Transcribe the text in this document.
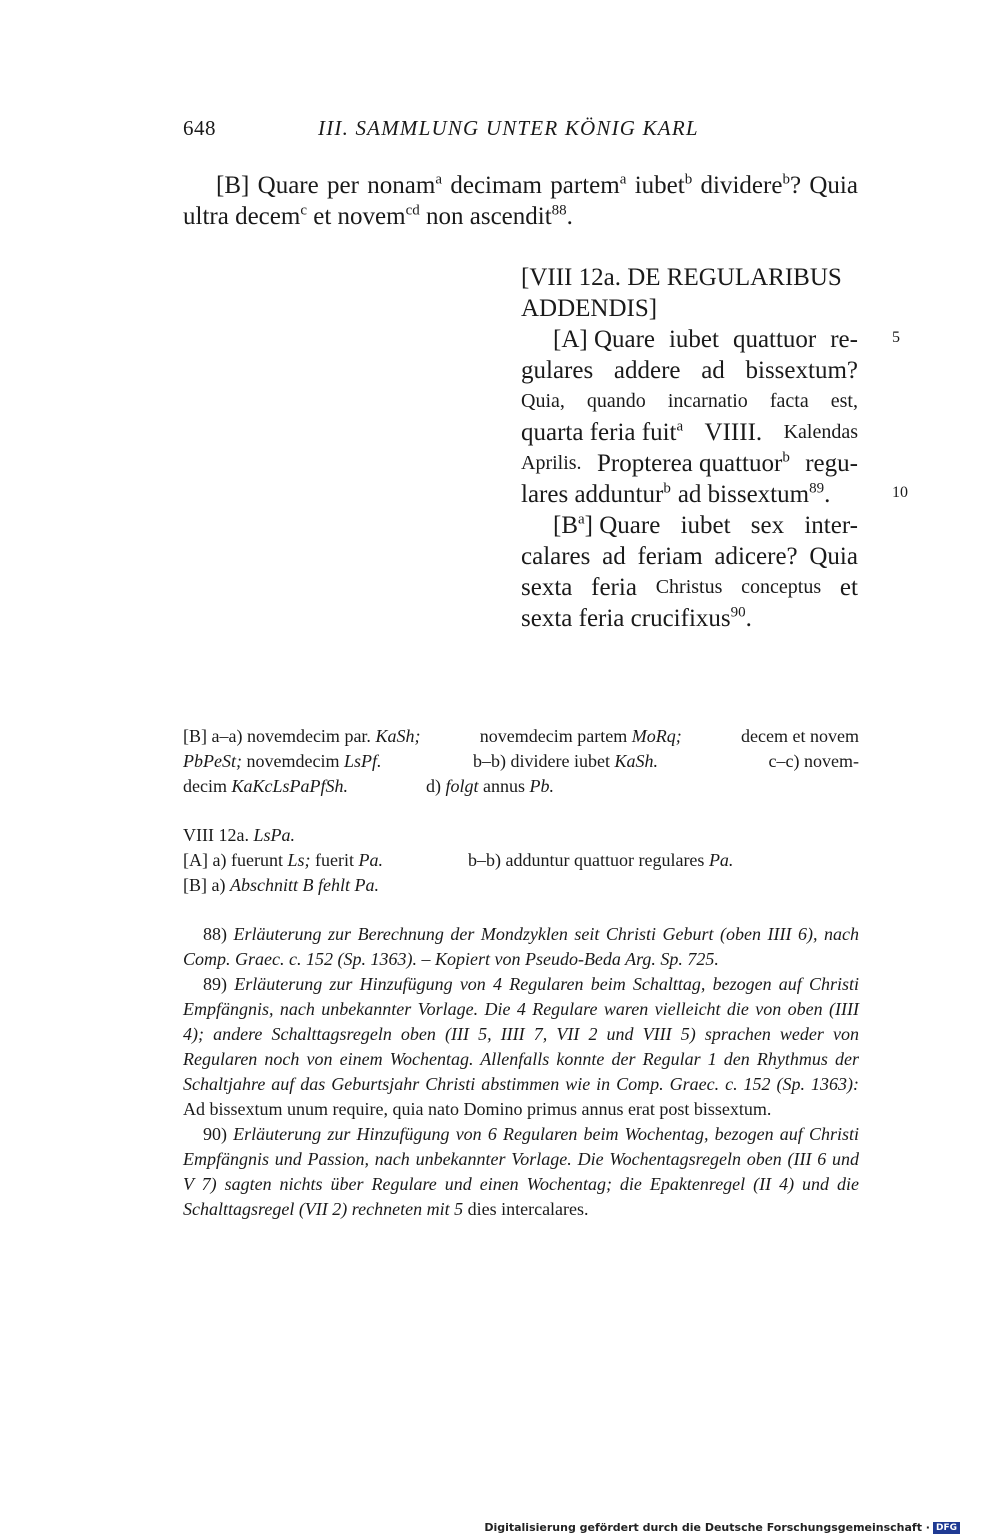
648	III. SAMMLUNG UNTER KÖNIG KARL
[B] Quare per nonam$^a$ decimam partem$^a$ iubet$^b$ dividere$^b$? Quia
ultra decem$^c$ et novem$^{cd}$ non ascendit$^{88}$.
[VIII 12a. DE REGULARIBUS
ADDENDIS]
[A] Quare iubet quattuor re-
gulares addere ad bissextum?
Quia, quando incarnatio facta est,
quarta feria fuit$^a$ VIIII. Kalendas
Aprilis. Propterea quattuor$^b$ regu-
lares adduntur$^b$ ad bissextum$^{89}$.
5
10
$[B^a]$ Quare iubet sex inter-
calares ad feriam adicere? Quia
sexta feria Christus conceptus et
sexta feria crucifixus$^{90}$.
[B] a–a) novemdecim par. KaSh;	novemdecim partem MoRq;	decem et novem
PbPeSt; novemdecim LsPf.	b–b) dividere iubet KaSh.	c–c) novem-
decim KaKcLsPaPfSh.	d) folgt annus Pb.
VIII 12a. LsPa.
[A] a) fuerunt Ls; fuerit Pa.	b–b) adduntur quattuor regulares Pa.
[B] a) Abschnitt B fehlt Pa.

88) Erläuterung zur Berechnung der Mondzyklen seit Christi Geburt (oben IIII 6), nach Comp. Graec. c. 152 (Sp. 1363). – Kopiert von Pseudo-Beda Arg. Sp. 725.

89) Erläuterung zur Hinzufügung von 4 Regularen beim Schalttag, bezogen auf Christi Empfängnis, nach unbekannter Vorlage. Die 4 Regulare waren vielleicht die von oben (IIII 4); andere Schalttagsregeln oben (III 5, IIII 7, VII 2 und VIII 5) sprachen weder von Regularen noch von einem Wochentag. Allenfalls konnte der Regular 1 den Rhythmus der Schaltjahre auf das Geburtsjahr Christi abstimmen wie in Comp. Graec. c. 152 (Sp. 1363): Ad bissextum unum require, quia nato Domino primus annus erat post bissextum.

90) Erläuterung zur Hinzufügung von 6 Regularen beim Wochentag, bezogen auf Christi Empfängnis und Passion, nach unbekannter Vorlage. Die Wochentagsregeln oben (III 6 und V 7) sagten nichts über Regulare und einen Wochentag; die Epaktenregel (II 4) und die Schalttagsregel (VII 2) rechneten mit 5 dies intercalares.

Digitalisierung gefördert durch die Deutsche Forschungsgemeinschaft · DFG
